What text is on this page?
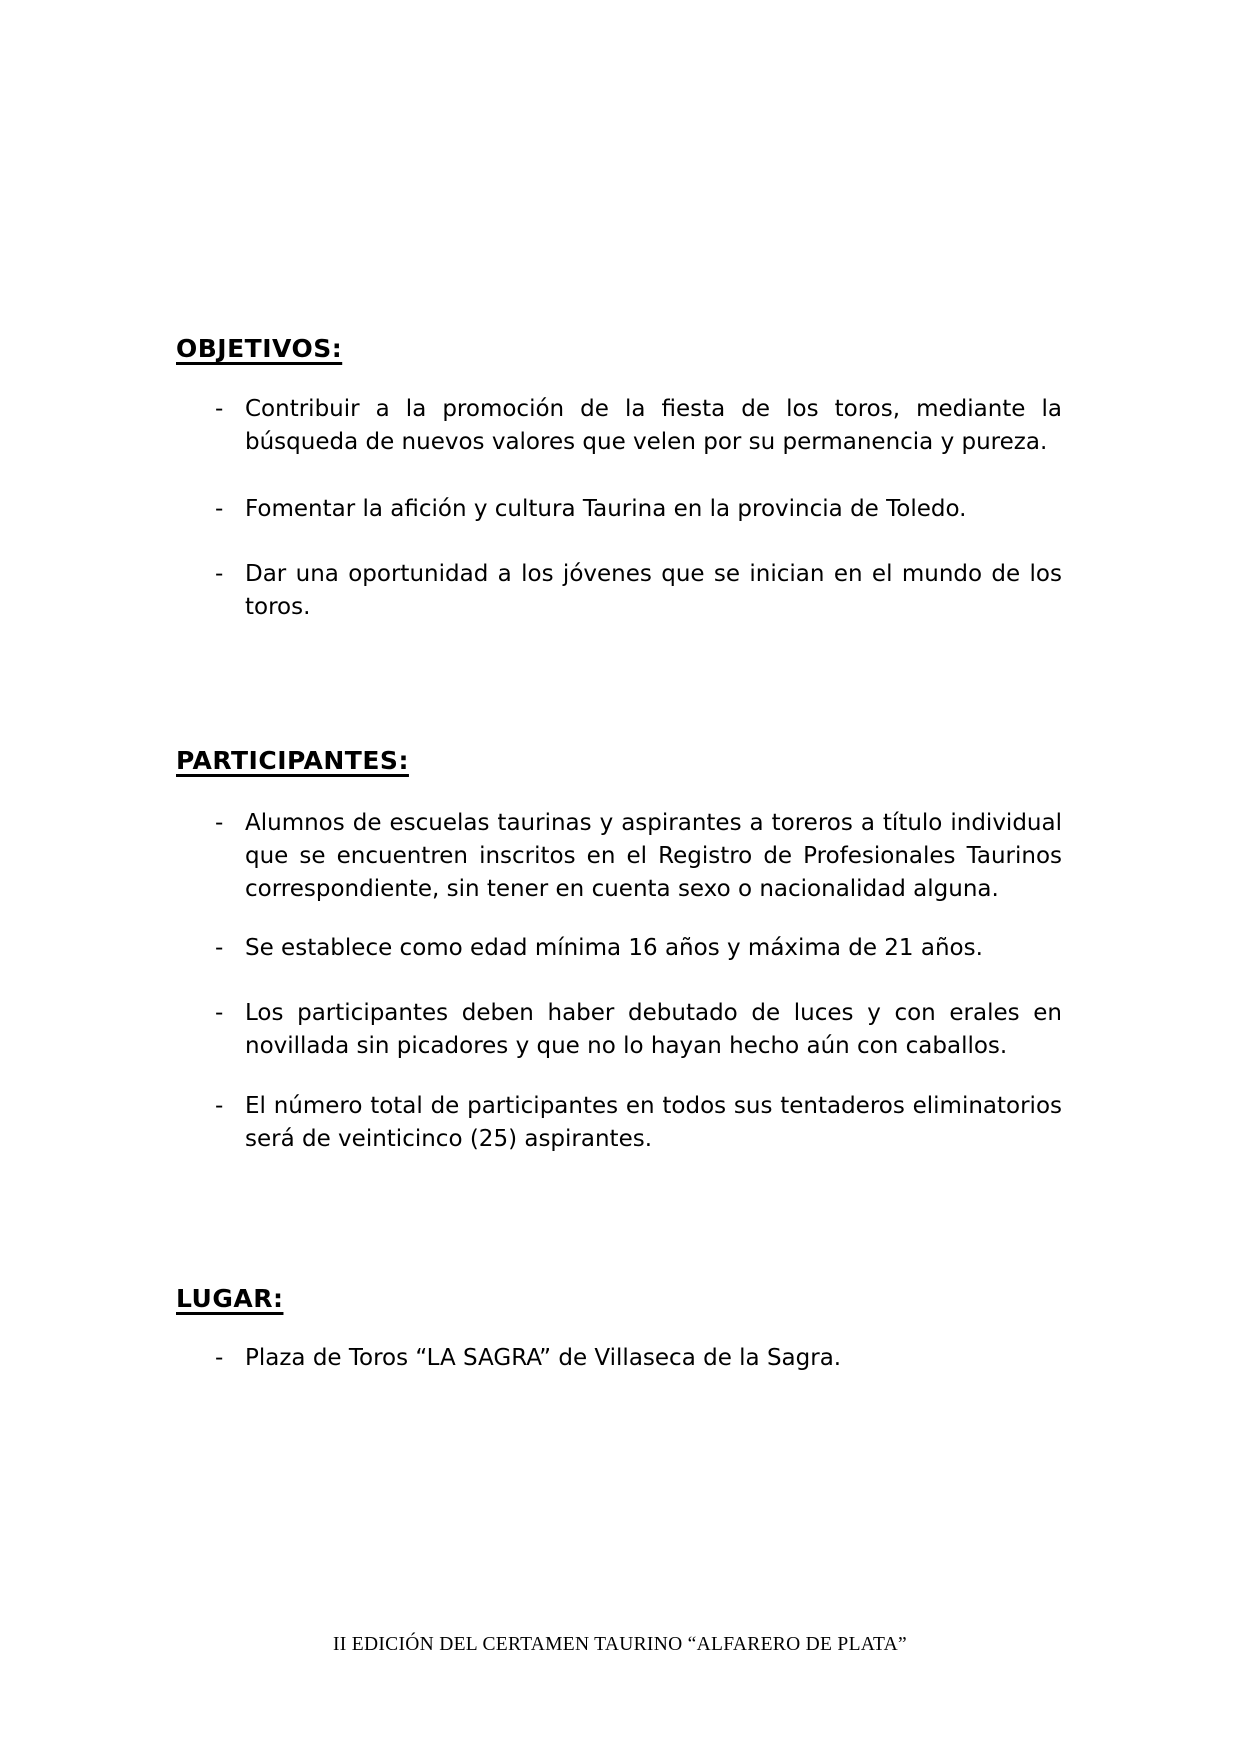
OBJETIVOS:
- Contribuir a la promoción de la fiesta de los toros, mediante la búsqueda de nuevos valores que velen por su permanencia y pureza.
- Fomentar la afición y cultura Taurina en la provincia de Toledo.
- Dar una oportunidad a los jóvenes que se inician en el mundo de los toros.
PARTICIPANTES:
- Alumnos de escuelas taurinas y aspirantes a toreros a título individual que se encuentren inscritos en el Registro de Profesionales Taurinos correspondiente, sin tener en cuenta sexo o nacionalidad alguna.
- Se establece como edad mínima 16 años y máxima de 21 años.
- Los participantes deben haber debutado de luces y con erales en novillada sin picadores y que no lo hayan hecho aún con caballos.
- El número total de participantes en todos sus tentaderos eliminatorios será de veinticinco (25) aspirantes.
LUGAR:
- Plaza de Toros “LA SAGRA” de Villaseca de la Sagra.
II EDICIÓN DEL CERTAMEN TAURINO “ALFARERO DE PLATA”
